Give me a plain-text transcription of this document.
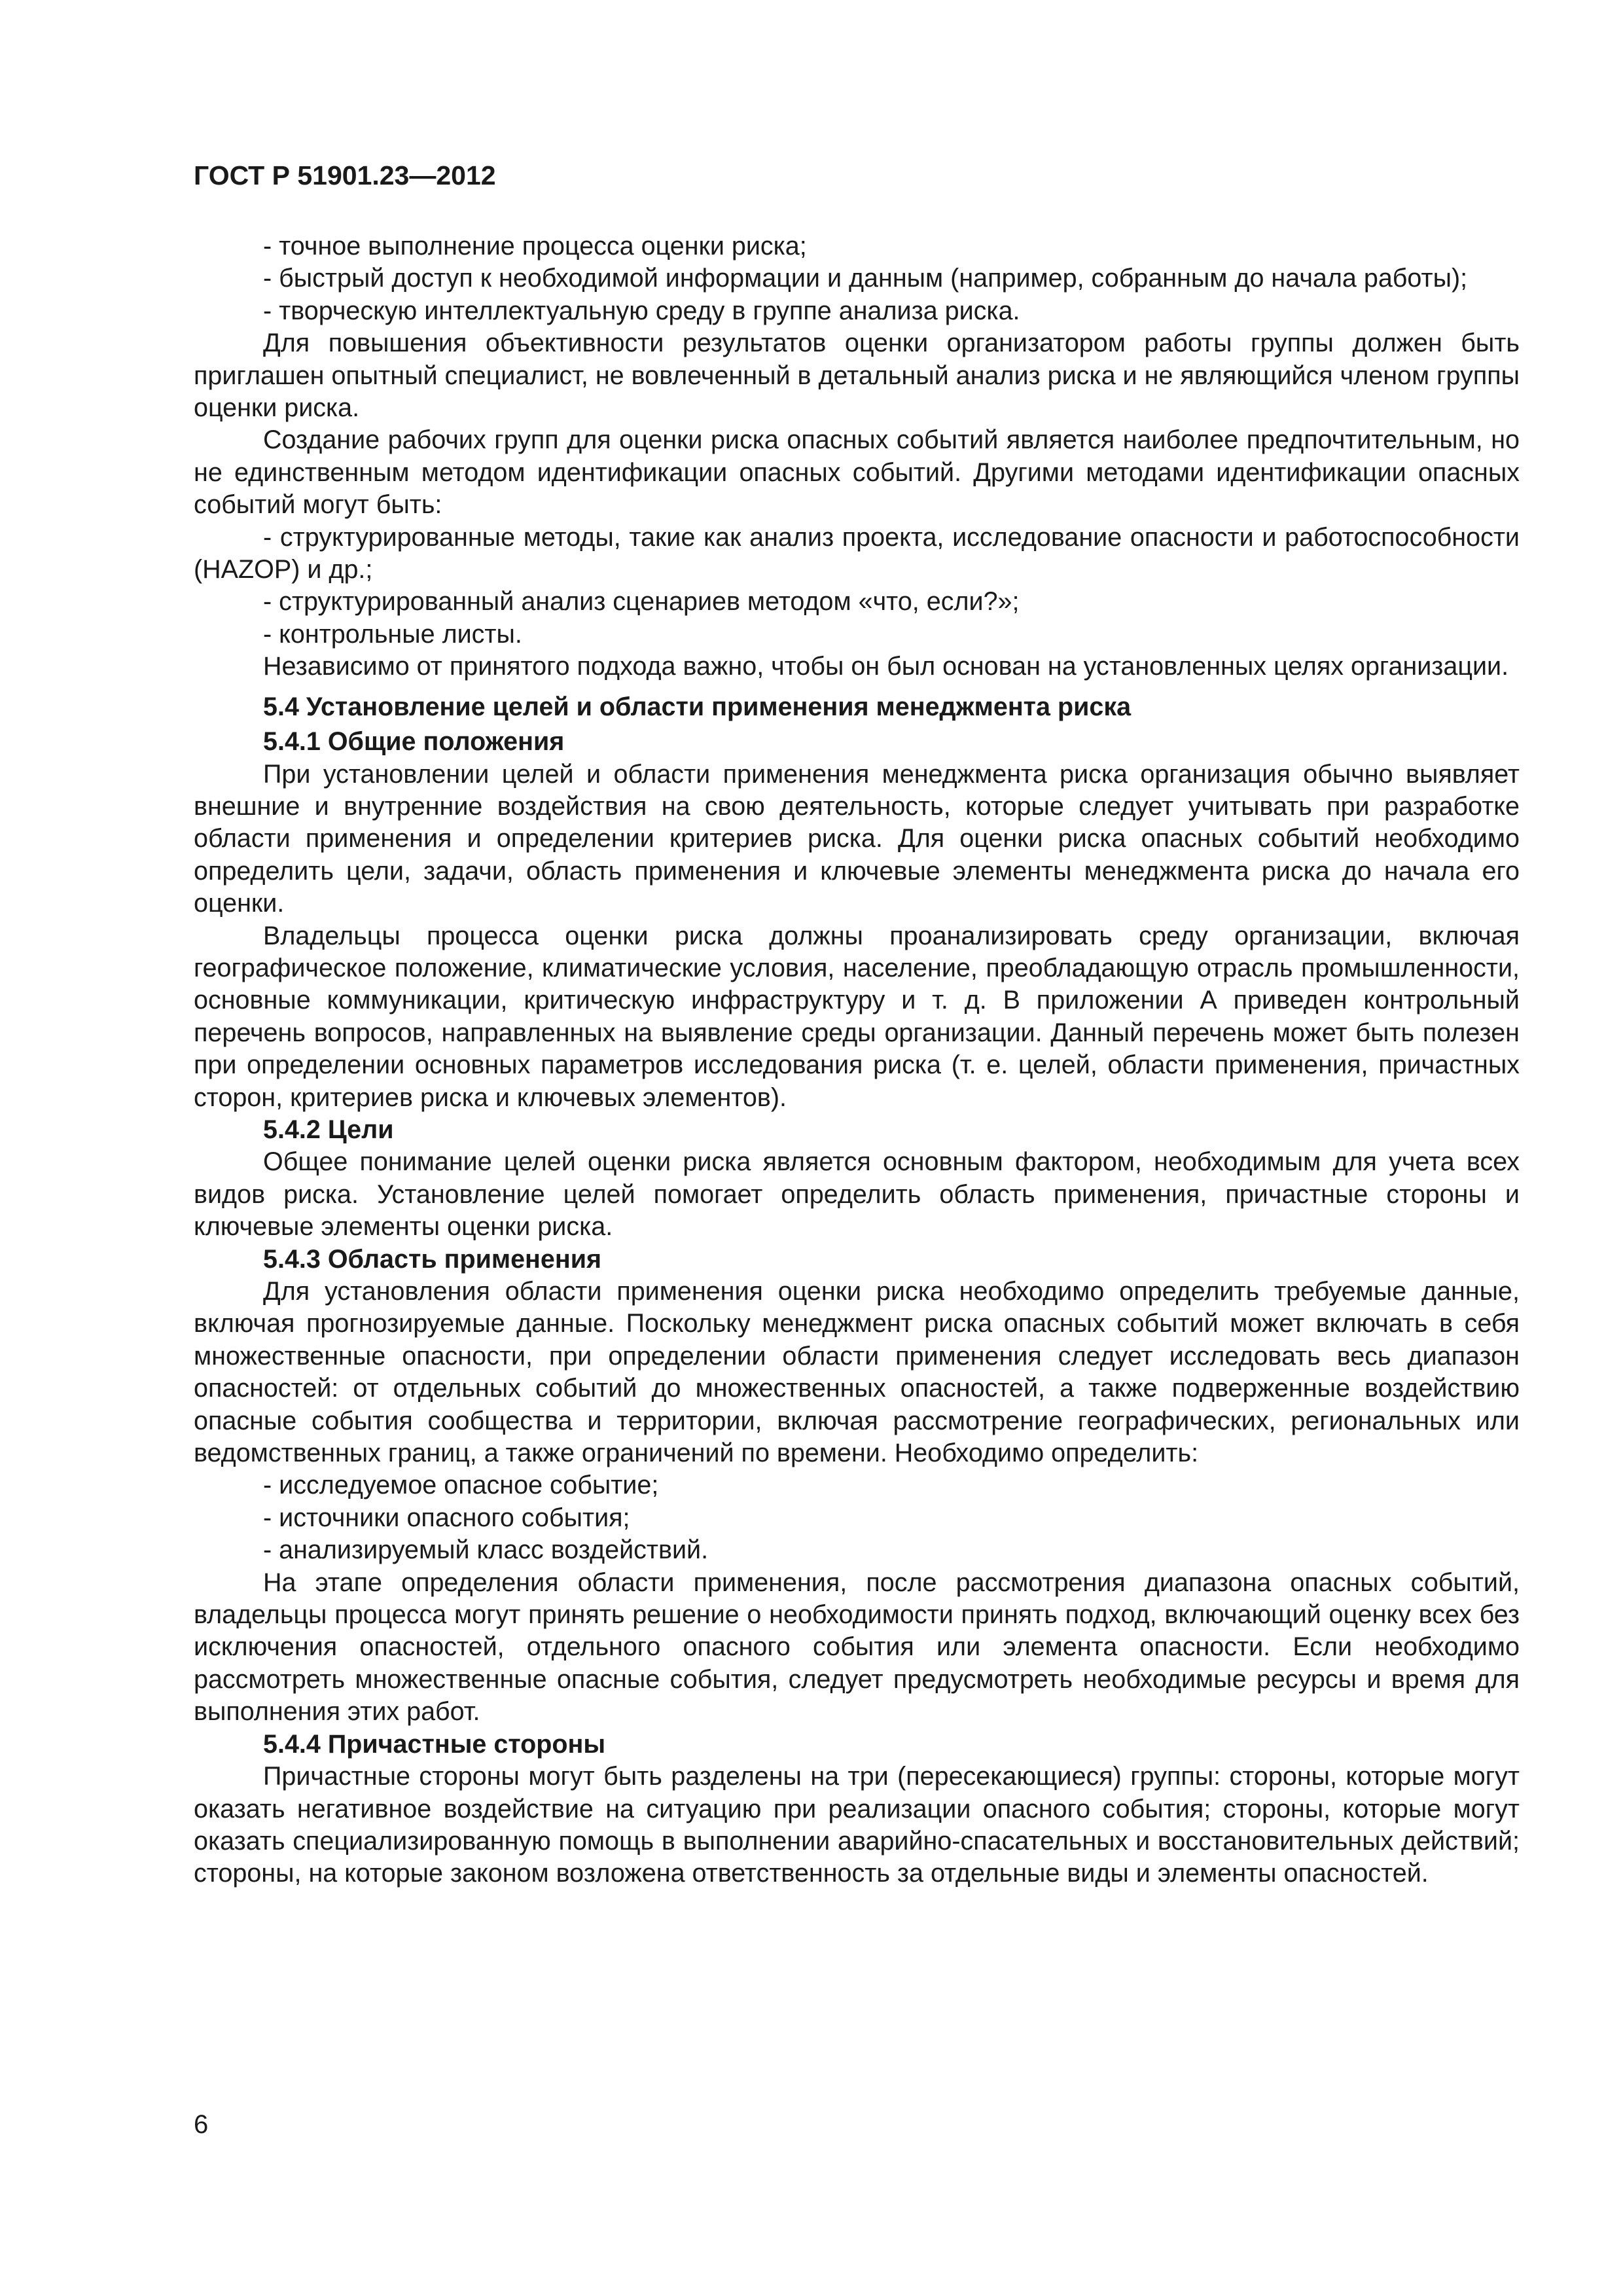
ГОСТ Р 51901.23—2012

- точное выполнение процесса оценки риска;

- быстрый доступ к необходимой информации и данным (например, собранным до начала работы);

- творческую интеллектуальную среду в группе анализа риска.

Для повышения объективности результатов оценки организатором работы группы должен быть приглашен опытный специалист, не вовлеченный в детальный анализ риска и не являющийся членом группы оценки риска.

Создание рабочих групп для оценки риска опасных событий является наиболее предпочтительным, но не единственным методом идентификации опасных событий. Другими методами идентификации опасных событий могут быть:

- структурированные методы, такие как анализ проекта, исследование опасности и работоспособности (HAZOP) и др.;

- структурированный анализ сценариев методом «что, если?»;

- контрольные листы.

Независимо от принятого подхода важно, чтобы он был основан на установленных целях организации.

5.4 Установление целей и области применения менеджмента риска

5.4.1 Общие положения

При установлении целей и области применения менеджмента риска организация обычно выявляет внешние и внутренние воздействия на свою деятельность, которые следует учитывать при разработке области применения и определении критериев риска. Для оценки риска опасных событий необходимо определить цели, задачи, область применения и ключевые элементы менеджмента риска до начала его оценки.

Владельцы процесса оценки риска должны проанализировать среду организации, включая географическое положение, климатические условия, население, преобладающую отрасль промышленности, основные коммуникации, критическую инфраструктуру и т. д. В приложении А приведен контрольный перечень вопросов, направленных на выявление среды организации. Данный перечень может быть полезен при определении основных параметров исследования риска (т. е. целей, области применения, причастных сторон, критериев риска и ключевых элементов).

5.4.2 Цели

Общее понимание целей оценки риска является основным фактором, необходимым для учета всех видов риска. Установление целей помогает определить область применения, причастные стороны и ключевые элементы оценки риска.

5.4.3 Область применения

Для установления области применения оценки риска необходимо определить требуемые данные, включая прогнозируемые данные. Поскольку менеджмент риска опасных событий может включать в себя множественные опасности, при определении области применения следует исследовать весь диапазон опасностей: от отдельных событий до множественных опасностей, а также подверженные воздействию опасные события сообщества и территории, включая рассмотрение географических, региональных или ведомственных границ, а также ограничений по времени. Необходимо определить:

- исследуемое опасное событие;

- источники опасного события;

- анализируемый класс воздействий.

На этапе определения области применения, после рассмотрения диапазона опасных событий, владельцы процесса могут принять решение о необходимости принять подход, включающий оценку всех без исключения опасностей, отдельного опасного события или элемента опасности. Если необходимо рассмотреть множественные опасные события, следует предусмотреть необходимые ресурсы и время для выполнения этих работ.

5.4.4 Причастные стороны

Причастные стороны могут быть разделены на три (пересекающиеся) группы: стороны, которые могут оказать негативное воздействие на ситуацию при реализации опасного события; стороны, которые могут оказать специализированную помощь в выполнении аварийно-спасательных и восстановительных действий; стороны, на которые законом возложена ответственность за отдельные виды и элементы опасностей.

6
